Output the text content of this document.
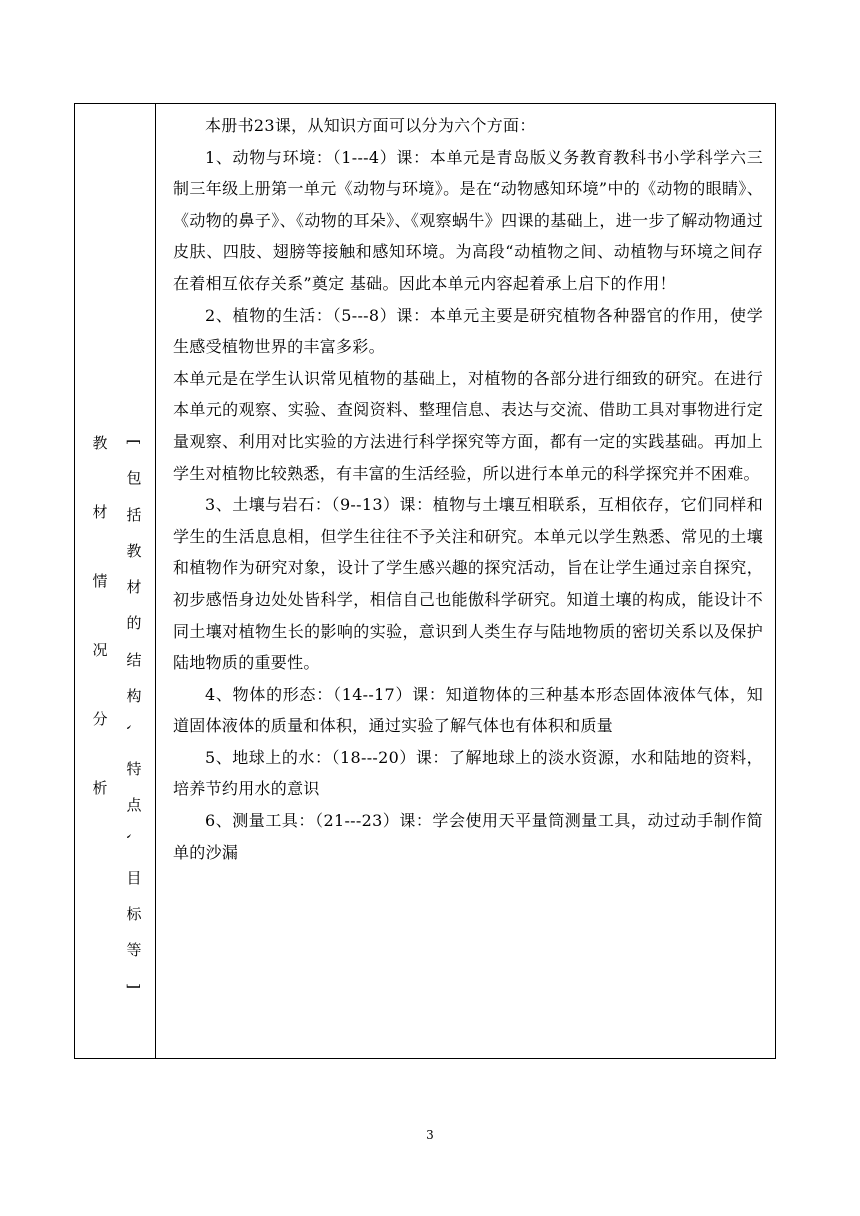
教
材
情
况
分
析
[
包
括
教
材
的
结
构
、
特
点
、
目
标
等
]

本册书23课，从知识方面可以分为六个方面：

1、动物与环境：（1---4）课：本单元是青岛版义务教育教科书小学科学六三制三年级上册第一单元《动物与环境》。是在“动物感知环境”中的《动物的眼睛》、《动物的鼻子》、《动物的耳朵》、《观察蜗牛》四课的基础上，进一步了解动物通过皮肤、四肢、翅膀等接触和感知环境。为高段“动植物之间、动植物与环境之间存在着相互依存关系”奠定 基础。因此本单元内容起着承上启下的作用！

2、植物的生活：（5---8）课：本单元主要是研究植物各种器官的作用，使学生感受植物世界的丰富多彩。

本单元是在学生认识常见植物的基础上，对植物的各部分进行细致的研究。在进行本单元的观察、实验、查阅资料、整理信息、表达与交流、借助工具对事物进行定量观察、利用对比实验的方法进行科学探究等方面，都有一定的实践基础。再加上学生对植物比较熟悉，有丰富的生活经验，所以进行本单元的科学探究并不困难。

3、土壤与岩石：（9--13）课：植物与土壤互相联系，互相依存，它们同样和学生的生活息息相，但学生往往不予关注和研究。本单元以学生熟悉、常见的土壤和植物作为研究对象，设计了学生感兴趣的探究活动，旨在让学生通过亲自探究，初步感悟身边处处皆科学，相信自己也能傲科学研究。知道土壤的构成，能设计不同土壤对植物生长的影响的实验，意识到人类生存与陆地物质的密切关系以及保护陆地物质的重要性。

4、物体的形态：（14--17）课：知道物体的三种基本形态固体液体气体，知道固体液体的质量和体积，通过实验了解气体也有体积和质量

5、地球上的水：（18---20）课：了解地球上的淡水资源，水和陆地的资料，培养节约用水的意识

6、测量工具：（21---23）课：学会使用天平量筒测量工具，动过动手制作简单的沙漏

3
